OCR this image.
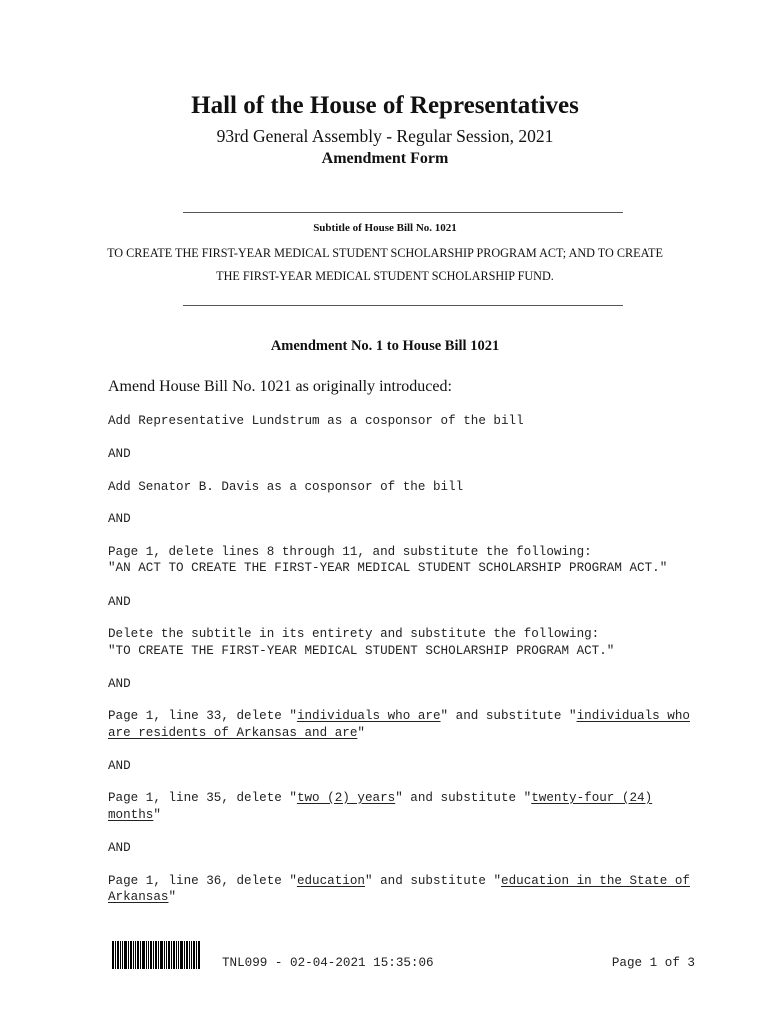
Hall of the House of Representatives
93rd General Assembly - Regular Session, 2021
Amendment Form
Subtitle of House Bill No. 1021
TO CREATE THE FIRST-YEAR MEDICAL STUDENT SCHOLARSHIP PROGRAM ACT; AND TO CREATE
THE FIRST-YEAR MEDICAL STUDENT SCHOLARSHIP FUND.
Amendment No. 1 to House Bill 1021
Amend House Bill No. 1021 as originally introduced:
Add Representative Lundstrum as a cosponsor of the bill
AND
Add Senator B. Davis as a cosponsor of the bill
AND
Page 1, delete lines 8 through 11, and substitute the following:
"AN ACT TO CREATE THE FIRST-YEAR MEDICAL STUDENT SCHOLARSHIP PROGRAM ACT."
AND
Delete the subtitle in its entirety and substitute the following:
"TO CREATE THE FIRST-YEAR MEDICAL STUDENT SCHOLARSHIP PROGRAM ACT."
AND
Page 1, line 33, delete "individuals who are" and substitute "individuals who
are residents of Arkansas and are"
AND
Page 1, line 35, delete "two (2) years" and substitute "twenty-four (24)
months"
AND
Page 1, line 36, delete "education" and substitute "education in the State of
Arkansas"
TNL099 - 02-04-2021 15:35:06	Page 1 of 3
